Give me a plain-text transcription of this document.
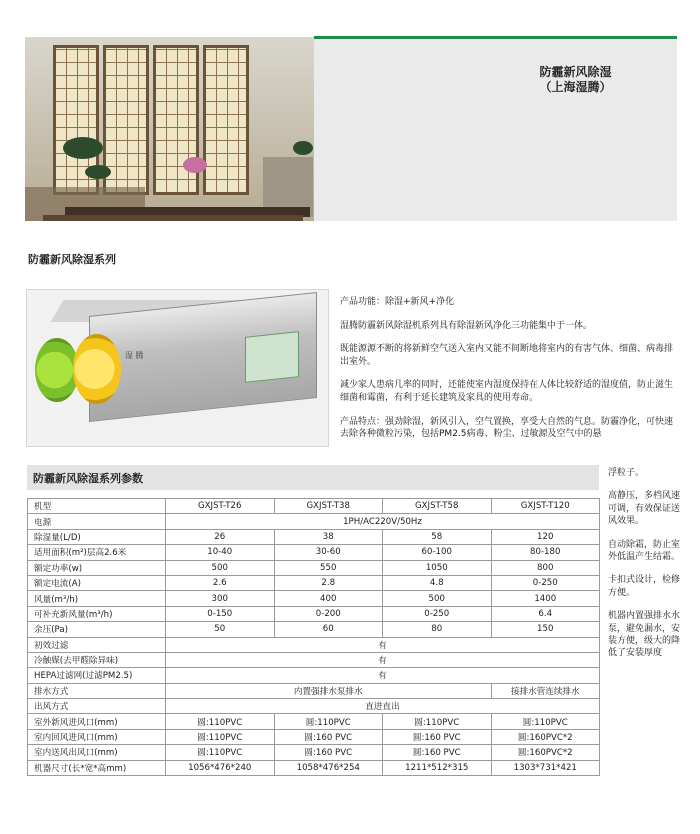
防霾新风除湿
（上海湿腾）
防霾新风除湿系列
湿 腾

产品功能：除湿+新风+净化

湿腾防霾新风除湿机系列具有除湿新风净化三功能集中于一体。

既能源源不断的将新鲜空气送入室内又能不间断地将室内的有害气体、细菌、病毒排出室外。

减少家人患病几率的同时，还能使室内湿度保持在人体比较舒适的湿度值，防止滋生细菌和霉菌，有利于延长建筑及家具的使用寿命。

产品特点：强劲除湿，新风引入，空气置换，享受大自然的气息。防霾净化，可快速去除各种微粒污染，包括PM2.5病毒、粉尘、过敏源及空气中的悬

浮粒子。

高静压，多档风速可调，有效保证送风效果。

自动除霜，防止室外低温产生结霜。

卡扣式设计，检修方便。

机器内置强排水水泵，避免漏水，安装方便，级大的降低了安装厚度

防霾新风除湿系列参数
机型	GXJST-T26	GXJST-T38	GXJST-T58	GXJST-T120
电源	1PH/AC220V/50Hz			
除湿量(L/D)	26	38	58	120
适用面积(m²)层高2.6米	10-40	30-60	60-100	80-180
额定功率(w)	500	550	1050	800
额定电流(A)	2.6	2.8	4.8	0-250
风量(m³/h)	300	400	500	1400
可补充新风量(m³/h)	0-150	0-200	0-250	6.4
余压(Pa)	50	60	80	150
初效过滤	有			
冷触媒(去甲醛除异味)	有			
HEPA过滤网(过滤PM2.5)	有			
排水方式	内置强排水泵排水			接排水管连续排水
出风方式	直进直出			
室外新风进风口(mm)	圆:110PVC	圆:110PVC	圆:110PVC	圆:110PVC
室内回风进风口(mm)	圆:110PVC	圆:160 PVC	圆:160 PVC	圆:160PVC*2
室内送风出风口(mm)	圆:110PVC	圆:160 PVC	圆:160 PVC	圆:160PVC*2
机器尺寸(长*宽*高mm)	1056*476*240	1058*476*254	1211*512*315	1303*731*421
